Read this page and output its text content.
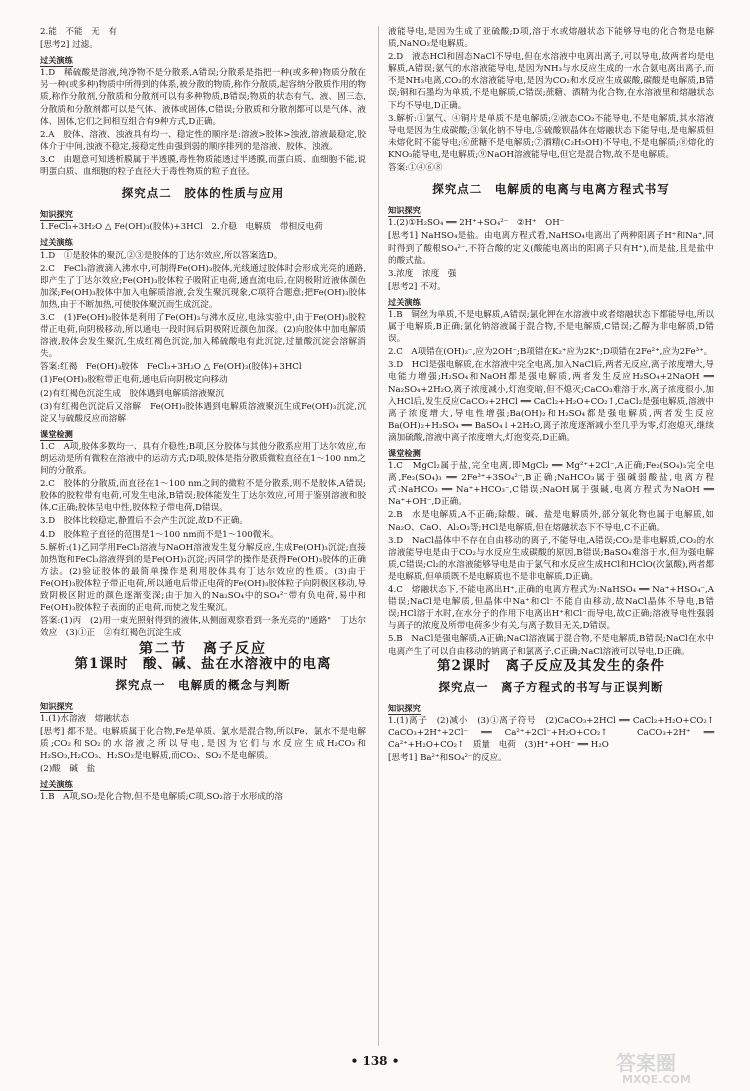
2.能　不能　无　有

[思考2] 过滤。

过关演练

1.D　稀硫酸是溶液,纯净物不是分散系,A错误;分散系是指把一种(或多种)物质分散在另一种(或多种)物质中所得到的体系,被分散的物质,称作分散质,起容纳分散质作用的物质,称作分散剂,分散质和分散剂可以有多种物质,B错误;物质的状态有气、液、固三态,分散质和分散剂都可以是气体、液体或固体,C错误;分散质和分散剂都可以是气体、液体、固体,它们之间相互组合有9种方式,D正确。

2.A　胶体、溶液、浊液具有均一、稳定性的顺序是:溶液>胶体>浊液,溶液最稳定,胶体介于中间,浊液不稳定,接稳定性由强到弱的顺序排列的是溶液、胶体、浊液。

3.C　由题意可知透析膜属于半透膜,毒性物质能透过半透膜,而蛋白质、血细胞不能,说明蛋白质、血细胞的粒子直径大于毒性物质的粒子直径。

探究点二　胶体的性质与应用
知识探究

1.FeCl₃+3H₂O △ Fe(OH)₃(胶体)+3HCl　2.介稳　电解质　带相反电荷

过关演练

1.D　①是胶体的聚沉,②③是胶体的丁达尔效应,所以答案选D。

2.C　FeCl₃溶液滴入沸水中,可制得Fe(OH)₃胶体,光线通过胶体时会形成光亮的通路,即产生了丁达尔效应;Fe(OH)₃胶体粒子吸附正电荷,通直流电后,在阴极附近液体颜色加深;Fe(OH)₃胶体中加入电解质溶液,会发生聚沉现象,C项符合题意;把Fe(OH)₃胶体加热,由于不断加热,可使胶体聚沉而生成沉淀。

3.C　(1)Fe(OH)₃胶体是利用了Fe(OH)₃与沸水反应,电泳实验中,由于Fe(OH)₃胶粒带正电荷,向阴极移动,所以通电一段时间后阴极附近颜色加深。(2)向胶体中加电解质溶液,胶体会发生聚沉,生成红褐色沉淀,加入稀硫酸电有此沉淀,过量酸沉淀会溶解消失。

答案:红褐　Fe(OH)₃胶体　FeCl₃+3H₂O △ Fe(OH)₃(胶体)+3HCl

(1)Fe(OH)₃胶粒带正电荷,通电后向阴极定向移动

(2)有红褐色沉淀生成　胶体遇到电解质溶液聚沉

(3)有红褐色沉淀后又溶解　Fe(OH)₃胶体遇到电解质溶液聚沉生成Fe(OH)₃沉淀,沉淀又与硫酸反应而溶解

课堂检测

1.C　A项,胶体多数均一、具有介稳性;B项,区分胶体与其他分散系应用丁达尔效应,布朗运动是所有微粒在溶液中的运动方式;D项,胶体是指分散质微粒直径在1～100 nm之间的分散系。

2.C　胶体的分散质,而直径在1～100 nm之间的微粒不是分散系,则不是胶体,A错误;胶体的胶粒带有电荷,可发生电泳,B错误;胶体能发生丁达尔效应,可用于鉴别溶液和胶体,C正确;胶体呈电中性,胶体粒子带电荷,D错误。

3.D　胶体比较稳定,静置后不会产生沉淀,故D不正确。

4.D　胶体粒子直径的范围是1～100 nm而不是1～100微米。

5.解析:(1)乙同学用FeCl₃溶液与NaOH溶液发生复分解反应,生成Fe(OH)₃沉淀;直接加热饱和FeCl₃溶液得到的是Fe(OH)₃沉淀;丙同学的操作是获得Fe(OH)₃胶体的正确方法。(2)验证胶体的最简单操作是利用胶体具有丁达尔效应的性质。(3)由于Fe(OH)₃胶体粒子带正电荷,所以通电后带正电荷的Fe(OH)₃胶体粒子向阴极区移动,导致阴极区附近的颜色逐渐变深;由于加入的Na₂SO₄中的SO₄²⁻带有负电荷,易中和Fe(OH)₃胶体粒子表面的正电荷,而使之发生聚沉。

答案:(1)丙　(2)用一束光照射得到的液体,从侧面观察看到一条光亮的"通路"　丁达尔效应　(3)①正　②有红褐色沉淀生成

第二节　离子反应
第1课时　酸、碱、盐在水溶液中的电离
探究点一　电解质的概念与判断
知识探究

1.(1)水溶液　熔融状态

[思考] 都不是。电解质属于化合物,Fe是单质、氯水是混合物,所以Fe、氯水不是电解质;CO₂和SO₂的水溶液之所以导电,是因为它们与水反应生成H₂CO₃和H₂SO₃,H₂CO₃、H₂SO₃是电解质,而CO₂、SO₂不是电解质。

(2)酸　碱　盐

过关演练

1.B　A项,SO₂是化合物,但不是电解质;C项,SO₂溶于水形成的溶

液能导电,是因为生成了亚硫酸;D项,溶于水或熔融状态下能够导电的化合物是电解质,NaNO₃是电解质。

2.D　液态HCl和固态NaCl不导电,但在水溶液中电离出离子,可以导电,故两者均是电解质,A错误;氨气的水溶液能导电,是因为NH₃与水反应生成的一水合氨电离出离子,而不是NH₃电离,CO₂的水溶液能导电,是因为CO₂和水反应生成碳酸,碳酸是电解质,B错误;铜和石墨均为单质,不是电解质,C错误;蔗糖、酒精为化合物,在水溶液里和熔融状态下均不导电,D正确。

3.解析:①氯气、④铜片是单质不是电解质;②液态CO₂不能导电,不是电解质,其水溶液导电是因为生成碳酸;③氧化钠不导电,⑤硫酸钡晶体在熔融状态下能导电,是电解质但未熔化时不能导电;⑥蔗糖不是电解质;⑦酒精(C₂H₅OH)不导电,不是电解质;⑧熔化的KNO₃能导电,是电解质;⑨NaOH溶液能导电,但它是混合物,故不是电解质。

答案:①④⑥⑧

探究点二　电解质的电离与电离方程式书写
知识探究

1.(2)①H₂SO₄ ══ 2H⁺+SO₄²⁻　②H⁺　OH⁻

[思考1] NaHSO₄是盐。由电离方程式看,NaHSO₄电离出了两种阳离子H⁺和Na⁺,同时得到了酸根SO₄²⁻,不符合酸的定义(酸能电离出的阳离子只有H⁺),而是盐,且是盐中的酸式盐。

3.浓度　浓度　强

[思考2] 不对。

过关演练

1.B　铜丝为单质,不是电解质,A错误;氯化钾在水溶液中或者熔融状态下都能导电,所以属于电解质,B正确;氯化钠溶液属于混合物,不是电解质,C错误;乙醇为非电解质,D错误。

2.C　A项错在(OH)₂⁻,应为2OH⁻;B项错在K₂⁺应为2K⁺;D项错在2Fe²⁺,应为2Fe³⁺。

3.D　HCl是强电解质,在水溶液中完全电离,加入NaCl后,两者无反应,离子浓度增大,导电能力增强;H₂SO₄和NaOH都是强电解质,两者发生反应H₂SO₄+2NaOH ══ Na₂SO₄+2H₂O,离子浓度减小,灯泡变暗,但不熄灭;CaCO₃难溶于水,离子浓度很小,加入HCl后,发生反应CaCO₃+2HCl ══ CaCl₂+H₂O+CO₂↑,CaCl₂是强电解质,溶液中离子浓度增大,导电性增强;Ba(OH)₂和H₂SO₄都是强电解质,两者发生反应Ba(OH)₂+H₂SO₄ ══ BaSO₄↓+2H₂O,离子浓度逐渐减小至几乎为零,灯泡熄灭,继续滴加硫酸,溶液中离子浓度增大,灯泡变亮,D正确。

课堂检测

1.C　MgCl₂属于盐,完全电离,即MgCl₂ ══ Mg²⁺+2Cl⁻,A正确;Fe₂(SO₄)₃完全电离,Fe₂(SO₄)₃ ══ 2Fe³⁺+3SO₄²⁻,B正确;NaHCO₃属于强碱弱酸盐,电离方程式:NaHCO₃ ══ Na⁺+HCO₃⁻,C错误;NaOH属于强碱,电离方程式为NaOH ══ Na⁺+OH⁻,D正确。

2.B　水是电解质,A不正确;除酸、碱、盐是电解质外,部分氧化物也属于电解质,如Na₂O、CaO、Al₂O₃等;HCl是电解质,但在熔融状态下不导电,C不正确。

3.D　NaCl晶体中不存在自由移动的离子,不能导电,A错误;CO₂是非电解质,CO₂的水溶液能导电是由于CO₂与水反应生成碳酸的原因,B错误;BaSO₄难溶于水,但为强电解质,C错误;Cl₂的水溶液能够导电是由于氯气和水反应生成HCl和HClO(次氯酸),两者都是电解质,但单质既不是电解质也不是非电解质,D正确。

4.C　熔融状态下,不能电离出H⁺,正确的电离方程式为:NaHSO₄ ══ Na⁺+HSO₄⁻,A错误;NaCl是电解质,但晶体中Na⁺和Cl⁻不能自由移动,故NaCl晶体不导电,B错误;HCl溶于水时,在水分子的作用下电离出H⁺和Cl⁻而导电,故C正确;溶液导电性强弱与离子的浓度及所带电荷多少有关,与离子数目无关,D错误。

5.B　NaCl是强电解质,A正确;NaCl溶液属于混合物,不是电解质,B错误;NaCl在水中电离产生了可以自由移动的钠离子和氯离子,C正确;NaCl溶液可以导电,D正确。

第2课时　离子反应及其发生的条件
探究点一　离子方程式的书写与正误判断
知识探究

1.(1)离子　(2)减小　(3)①离子符号　(2)CaCO₃+2HCl ══ CaCl₂+H₂O+CO₂↑　CaCO₃+2H⁺+2Cl⁻ ══ Ca²⁺+2Cl⁻+H₂O+CO₂↑　CaCO₃+2H⁺ ══ Ca²⁺+H₂O+CO₂↑　质量　电荷　(3)H⁺+OH⁻ ══ H₂O

[思考1] Ba²⁺和SO₄²⁻的反应。

• 138 •	答案圈
MXQE.COM
